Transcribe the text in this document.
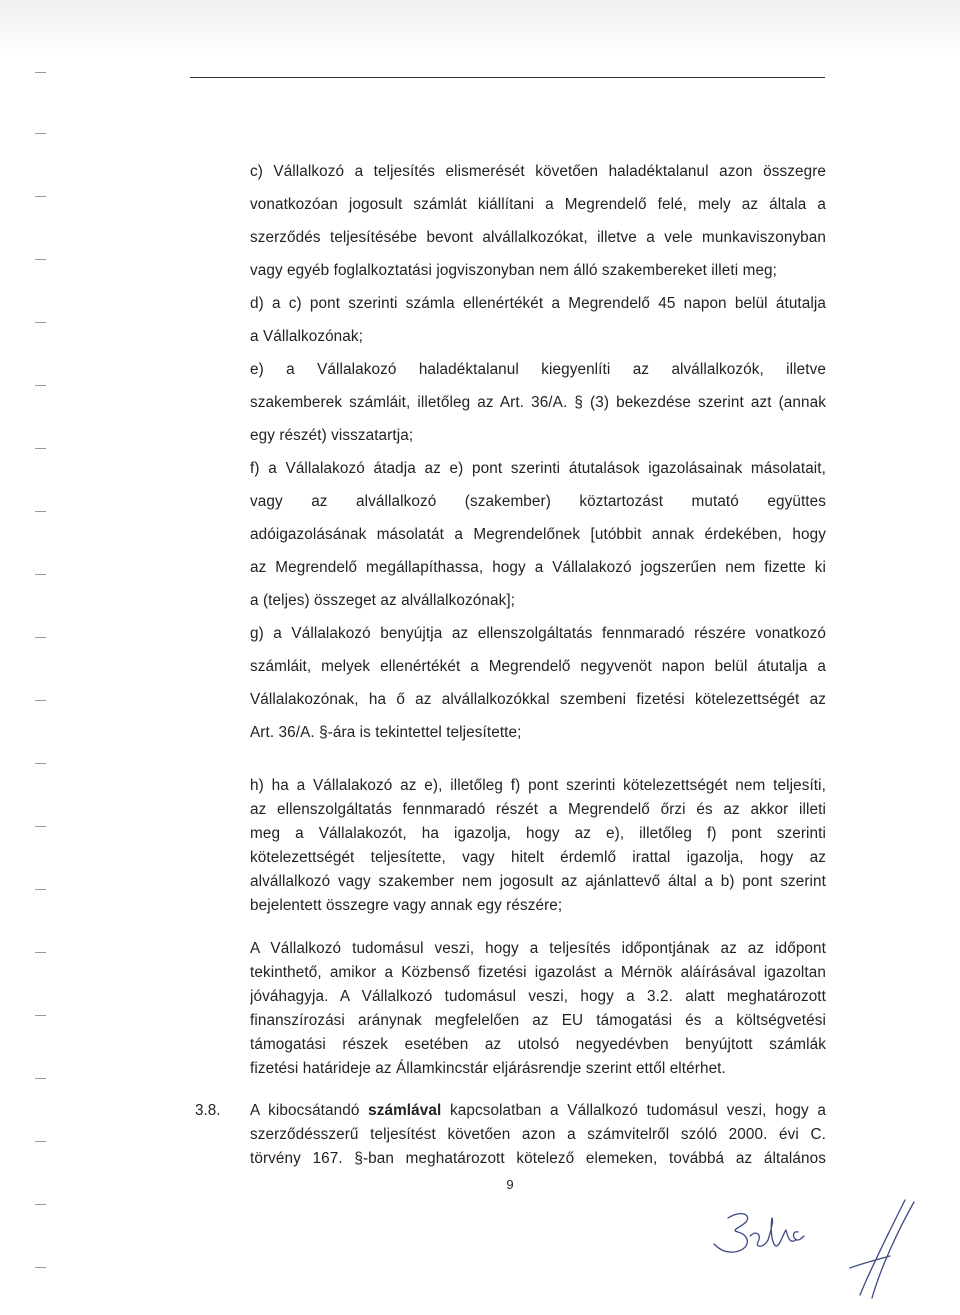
c) Vállalkozó a teljesítés elismerését követően haladéktalanul azon összegre
vonatkozóan jogosult számlát kiállítani a Megrendelő felé, mely az általa a
szerződés teljesítésébe bevont alvállalkozókat, illetve a vele munkaviszonyban
vagy egyéb foglalkoztatási jogviszonyban nem álló szakembereket illeti meg;
d) a c) pont szerinti számla ellenértékét a Megrendelő 45 napon belül átutalja
a Vállalkozónak;
e) a Vállalakozó haladéktalanul kiegyenlíti az alvállalkozók, illetve
szakemberek számláit, illetőleg az Art. 36/A. § (3) bekezdése szerint azt (annak
egy részét) visszatartja;
f) a Vállalakozó átadja az e) pont szerinti átutalások igazolásainak másolatait,
vagy az alvállalkozó (szakember) köztartozást mutató együttes
adóigazolásának másolatát a Megrendelőnek [utóbbit annak érdekében, hogy
az Megrendelő megállapíthassa, hogy a Vállalakozó jogszerűen nem fizette ki
a (teljes) összeget az alvállalkozónak];
g) a Vállalakozó benyújtja az ellenszolgáltatás fennmaradó részére vonatkozó
számláit, melyek ellenértékét a Megrendelő negyvenöt napon belül átutalja a
Vállalakozónak, ha ő az alvállalkozókkal szembeni fizetési kötelezettségét az
Art. 36/A. §-ára is tekintettel teljesítette;
h) ha a Vállalakozó az e), illetőleg f) pont szerinti kötelezettségét nem teljesíti,
az ellenszolgáltatás fennmaradó részét a Megrendelő őrzi és az akkor illeti
meg a Vállalakozót, ha igazolja, hogy az e), illetőleg f) pont szerinti
kötelezettségét teljesítette, vagy hitelt érdemlő irattal igazolja, hogy az
alvállalkozó vagy szakember nem jogosult az ajánlattevő által a b) pont szerint
bejelentett összegre vagy annak egy részére;
A Vállalkozó tudomásul veszi, hogy a teljesítés időpontjának az az időpont
tekinthető, amikor a Közbenső fizetési igazolást a Mérnök aláírásával igazoltan
jóváhagyja. A Vállalkozó tudomásul veszi, hogy a 3.2. alatt meghatározott
finanszírozási aránynak megfelelően az EU támogatási és a költségvetési
támogatási részek esetében az utolsó negyedévben benyújtott számlák
fizetési határideje az Államkincstár eljárásrendje szerint ettől eltérhet.
3.8. A kibocsátandó számlával kapcsolatban a Vállalkozó tudomásul veszi, hogy a
szerződésszerű teljesítést követően azon a számvitelről szóló 2000. évi C.
törvény 167. §-ban meghatározott kötelező elemeken, továbbá az általános
9
